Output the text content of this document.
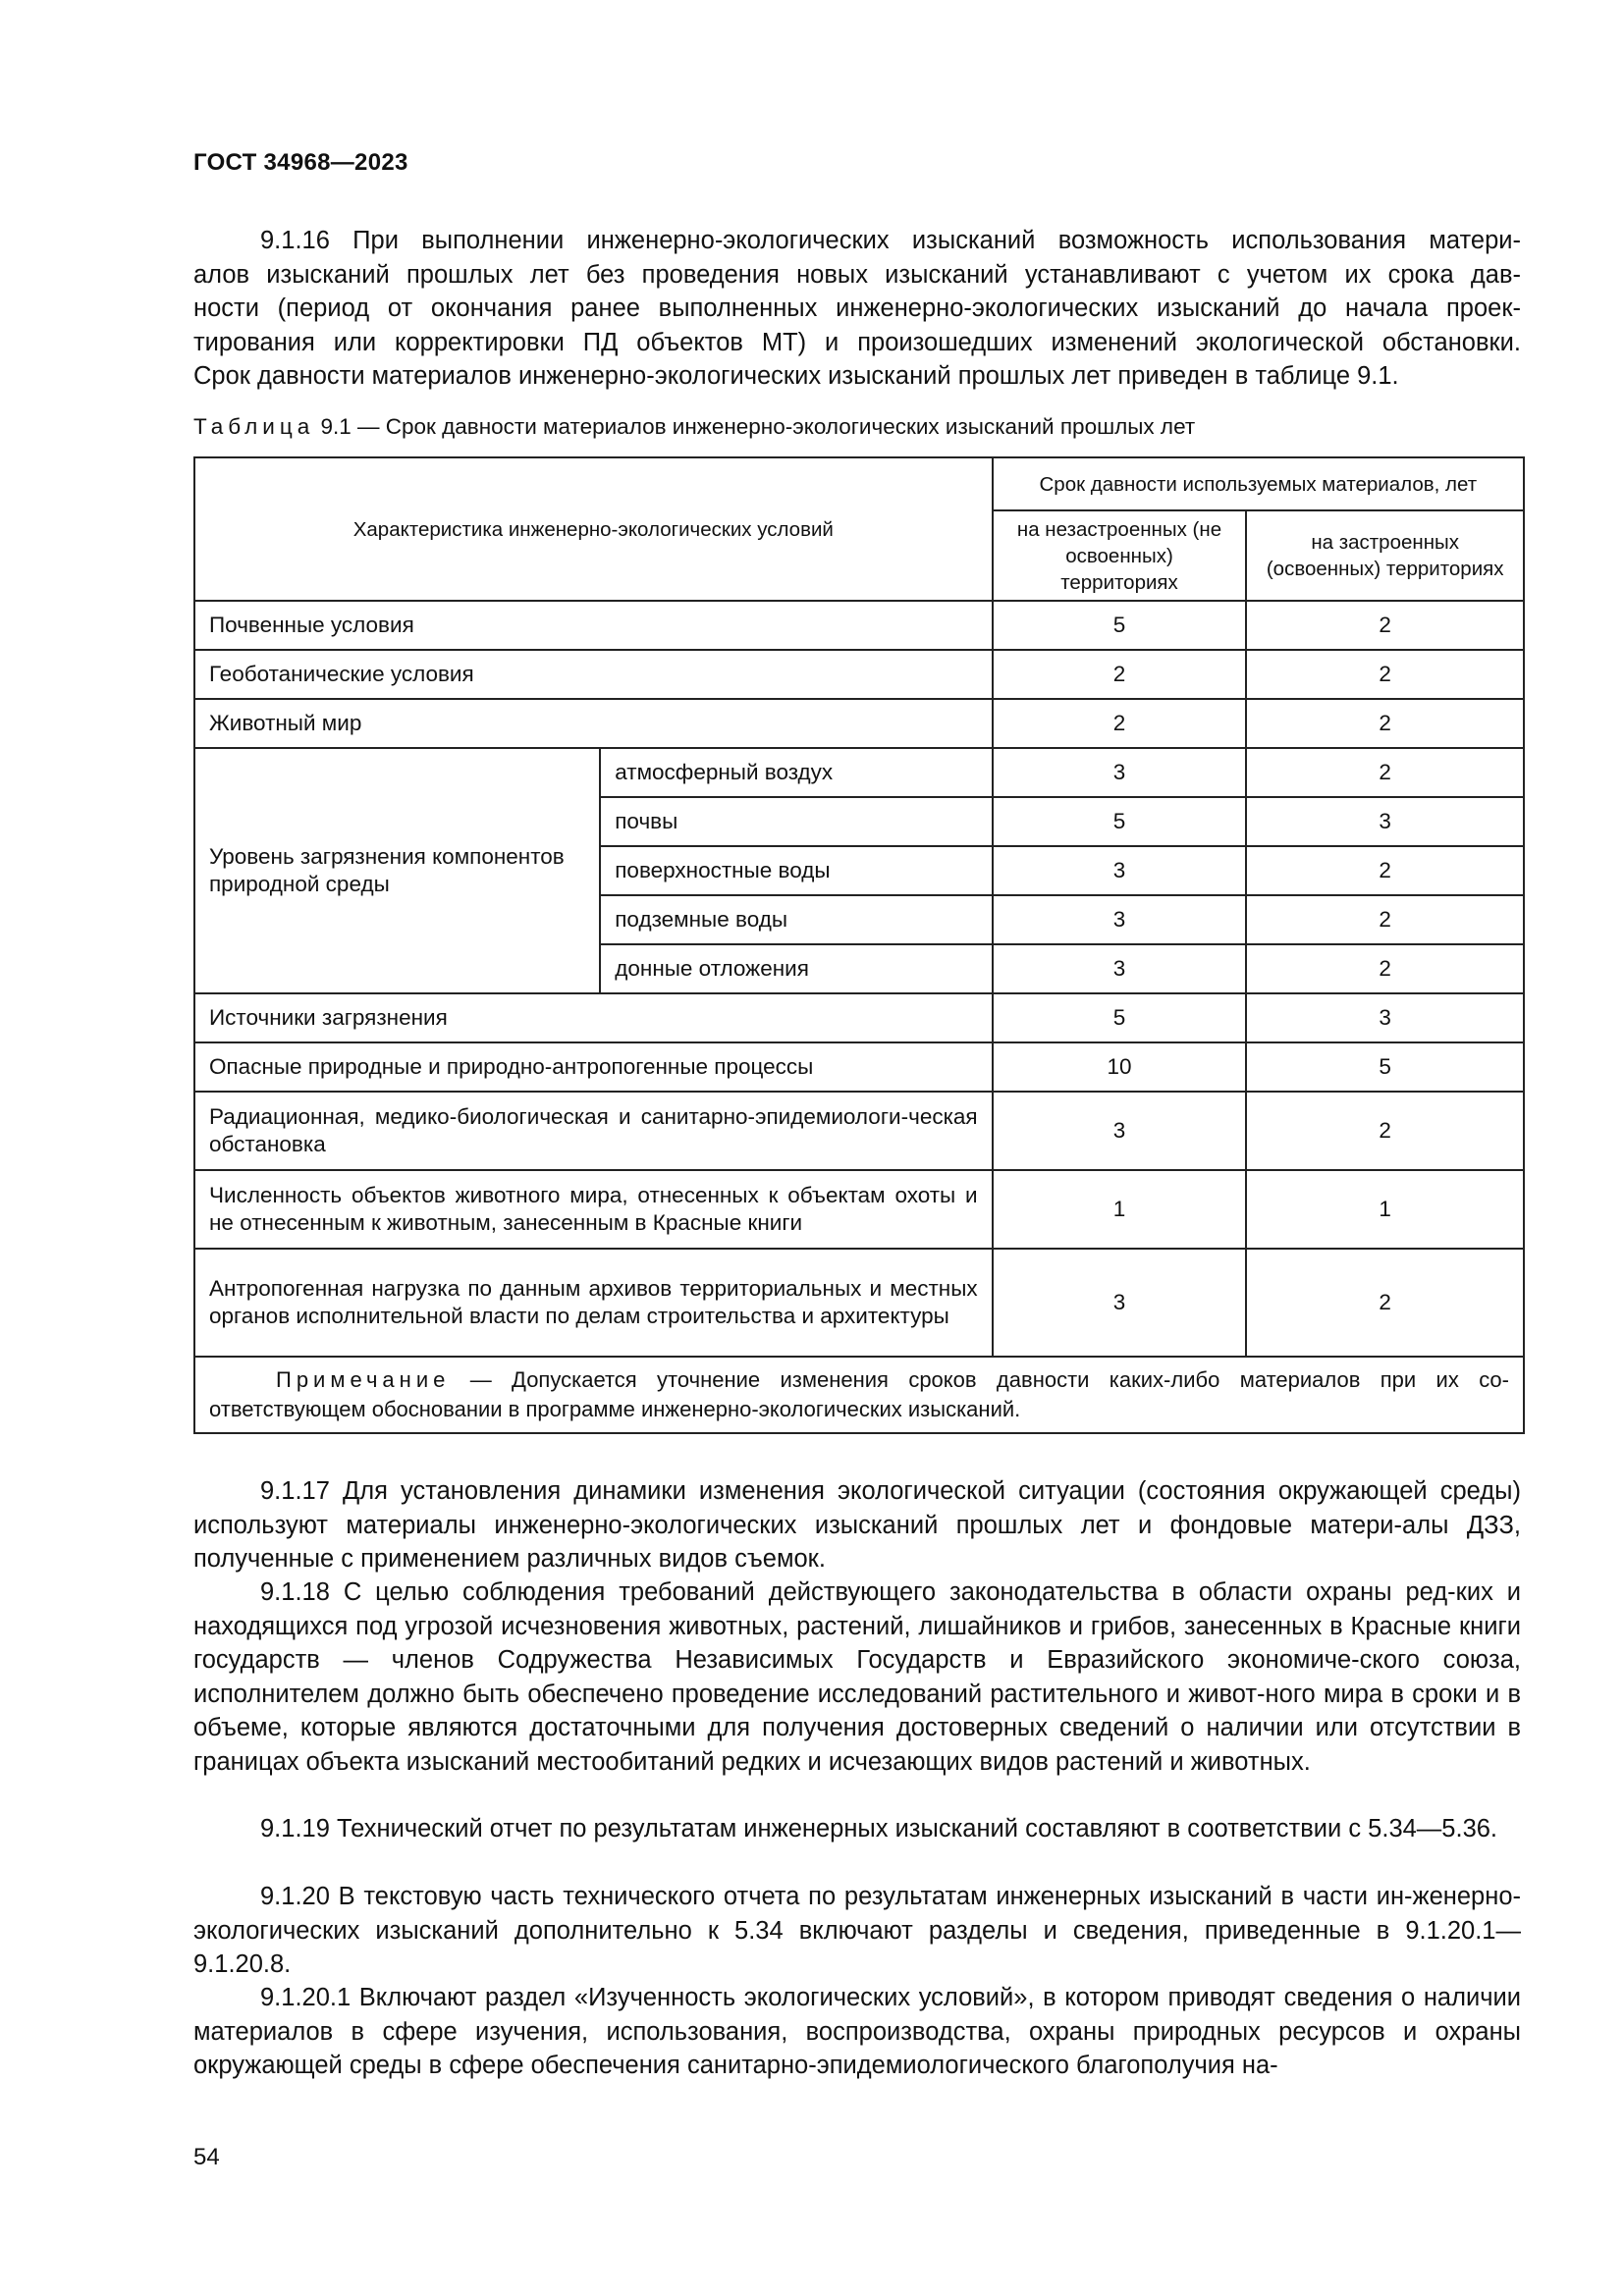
ГОСТ 34968—2023
9.1.16 При выполнении инженерно-экологических изысканий возможность использования матери-
алов изысканий прошлых лет без проведения новых изысканий устанавливают с учетом их срока дав-
ности (период от окончания ранее выполненных инженерно-экологических изысканий до начала проек-
тирования или корректировки ПД объектов МТ) и произошедших изменений экологической обстановки.
Срок давности материалов инженерно-экологических изысканий прошлых лет приведен в таблице 9.1.
Таблица 9.1 — Срок давности материалов инженерно-экологических изысканий прошлых лет
Характеристика инженерно-экологических условий		Срок давности используемых материалов, лет	
		на незастроенных (не освоенных) территориях	на застроенных (освоенных) территориях
Почвенные условия		5	2
Геоботанические условия		2	2
Животный мир		2	2
Уровень загрязнения компонентов природной среды	атмосферный воздух	3	2
	почвы	5	3
	поверхностные воды	3	2
	подземные воды	3	2
	донные отложения	3	2
Источники загрязнения		5	3
Опасные природные и природно-антропогенные процессы		10	5
Радиационная, медико-биологическая и санитарно-эпидемиологи-ческая обстановка		3	2
Численность объектов животного мира, отнесенных к объектам охоты и не отнесенным к животным, занесенным в Красные книги		1	1
Антропогенная нагрузка по данным архивов территориальных и местных органов исполнительной власти по делам строительства и архитектуры		3	2
Примечание — Допускается уточнение изменения сроков давности каких-либо материалов при их со-ответствующем обосновании в программе инженерно-экологических изысканий.			

9.1.17 Для установления динамики изменения экологической ситуации (состояния окружающей среды) используют материалы инженерно-экологических изысканий прошлых лет и фондовые матери-алы ДЗЗ, полученные с применением различных видов съемок.

9.1.18 С целью соблюдения требований действующего законодательства в области охраны ред-ких и находящихся под угрозой исчезновения животных, растений, лишайников и грибов, занесенных в Красные книги государств — членов Содружества Независимых Государств и Евразийского экономиче-ского союза, исполнителем должно быть обеспечено проведение исследований растительного и живот-ного мира в сроки и в объеме, которые являются достаточными для получения достоверных сведений о наличии или отсутствии в границах объекта изысканий местообитаний редких и исчезающих видов растений и животных.

9.1.19 Технический отчет по результатам инженерных изысканий составляют в соответствии с 5.34—5.36.

9.1.20 В текстовую часть технического отчета по результатам инженерных изысканий в части ин-женерно-экологических изысканий дополнительно к 5.34 включают разделы и сведения, приведенные в 9.1.20.1—9.1.20.8.

9.1.20.1 Включают раздел «Изученность экологических условий», в котором приводят сведения о наличии материалов в сфере изучения, использования, воспроизводства, охраны природных ресурсов и охраны окружающей среды в сфере обеспечения санитарно-эпидемиологического благополучия на-

54
